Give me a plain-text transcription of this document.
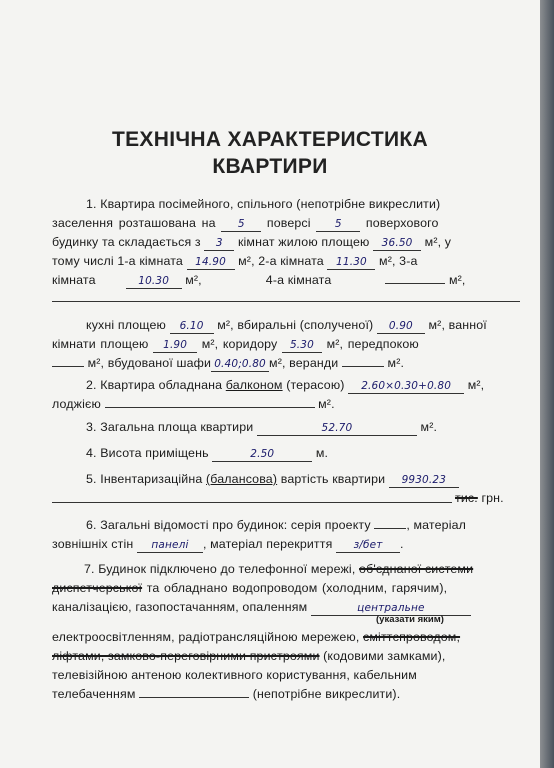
ТЕХНІЧНА ХАРАКТЕРИСТИКА
КВАРТИРИ
1. Квартира посімейного, спільного (непотрібне викреслити)
заселення розташована на 5 поверсі 5 поверхового
будинку та складається з 3 кімнат жилою площею 36.50 м², у
тому числі 1-а кімната 14.90 м², 2-а кімната 11.30 м², 3-а
кімната	10.30 м²,	4-а кімната	м²,
кухні площею 6.10 м², вбиральні (сполученої) 0.90 м², ванної
кімнати площею 1.90 м², коридору 5.30 м², передпокою
м², вбудованої шафи 0.40;0.80 м², веранди	м².
2. Квартира обладнана балконом (терасою) 2.60×0.30+0.80 м²,
лоджією	м².
3. Загальна площа квартири	52.70	м².
4. Висота приміщень	2.50	м.
5. Інвентаризаційна (балансова) вартість квартири 9930.23
тис. грн.
6. Загальні відомості про будинок: серія проекту	, матеріал
зовнішніх стін панелі , матеріал перекриття з/бет .
7. Будинок підключено до телефонної мережі, об'єднаної системи
диспетчерської та обладнано водопроводом (холодним, гарячим),
каналізацією, газопостачанням, опаленням	центральне
(указати яким)
електроосвітленням, радіотрансляційною мережею, сміттєпроводом,
ліфтами, замково-переговірними пристроями (кодовими замками),
телевізійною антеною колективного користування, кабельним
телебаченням	(непотрібне викреслити).
